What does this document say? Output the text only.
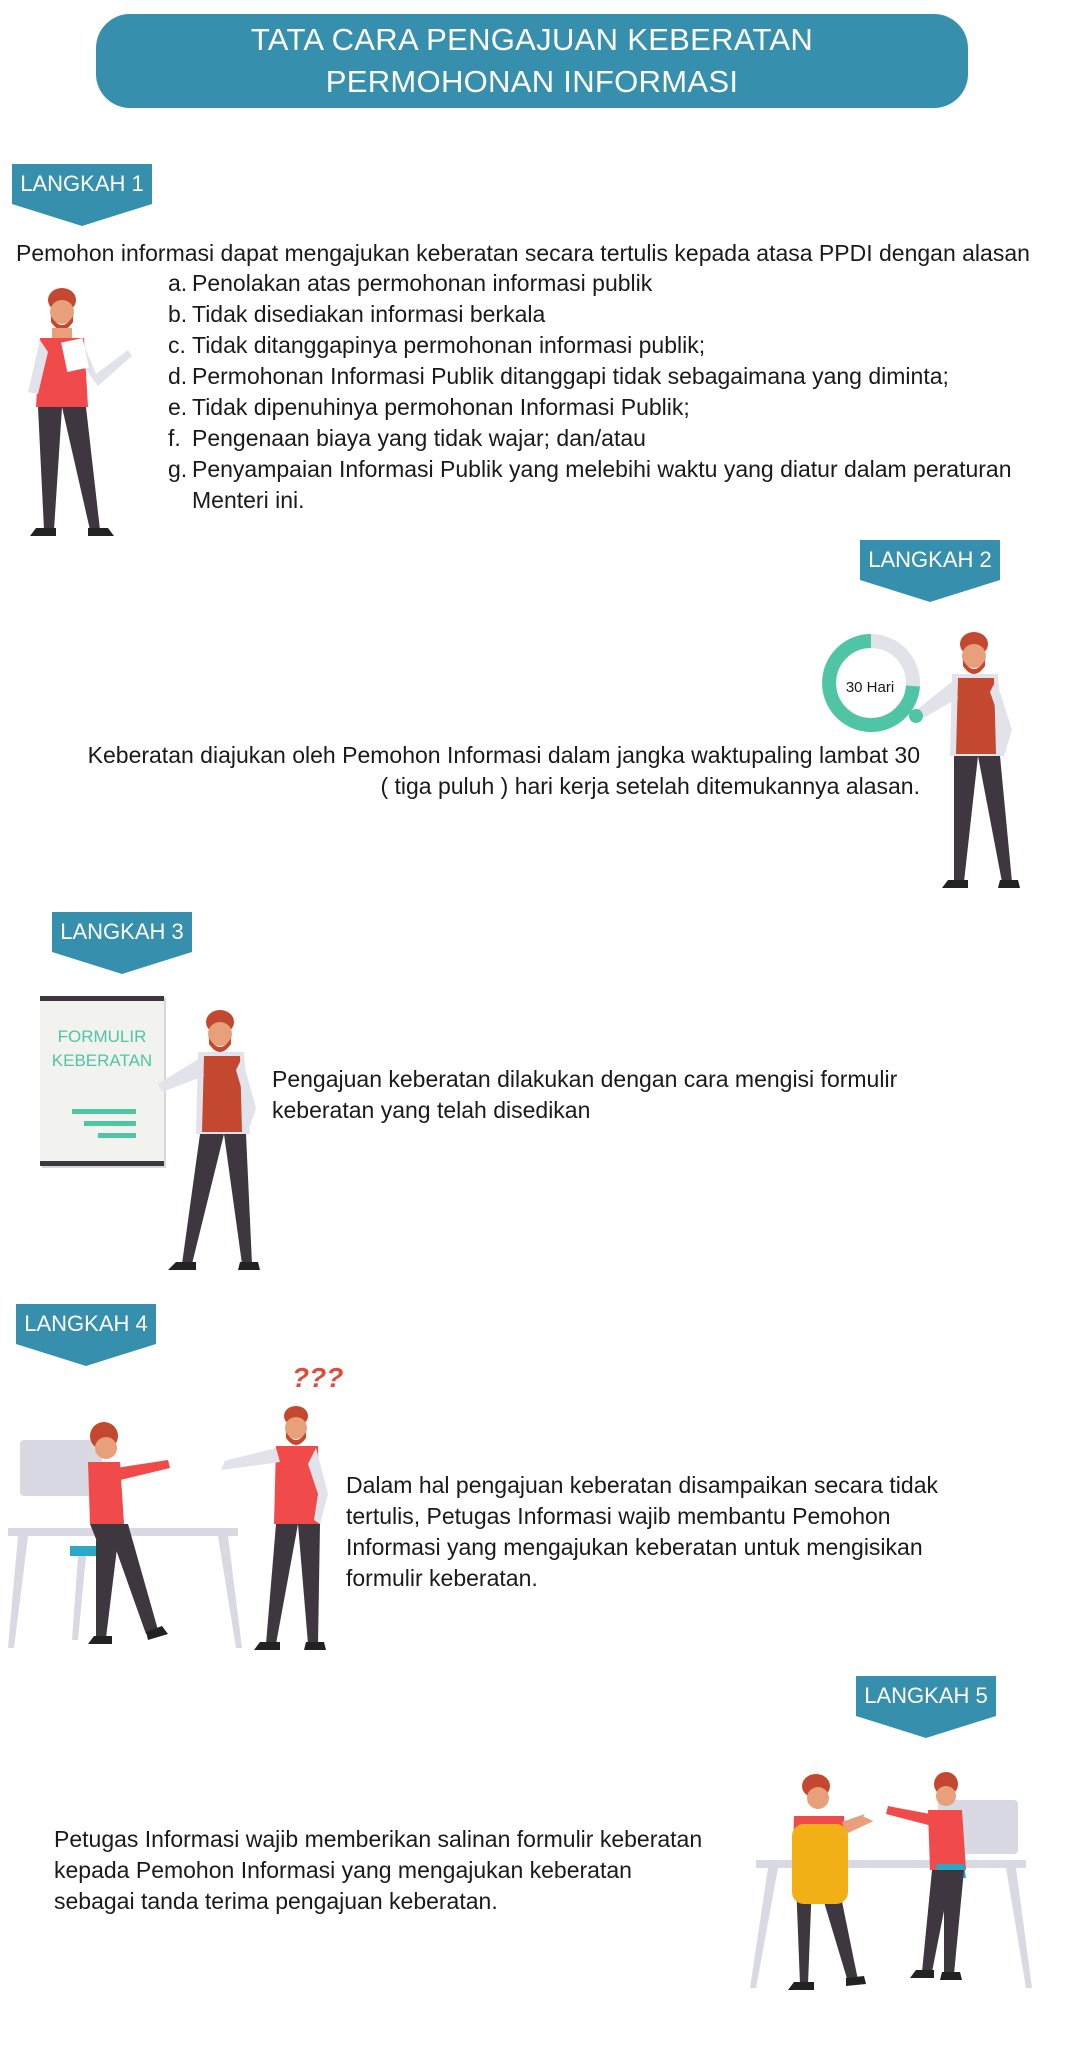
TATA CARA PENGAJUAN KEBERATAN
PERMOHONAN INFORMASI
LANGKAH 1
Pemohon informasi dapat mengajukan keberatan secara tertulis kepada atasa PPDI dengan alasan
a. Penolakan atas permohonan informasi publik
b. Tidak disediakan informasi berkala
c. Tidak ditanggapinya permohonan informasi publik;
d. Permohonan Informasi Publik ditanggapi tidak sebagaimana yang diminta;
e. Tidak dipenuhinya permohonan Informasi Publik;
f. Pengenaan biaya yang tidak wajar; dan/atau
g. Penyampaian Informasi Publik yang melebihi waktu yang diatur dalam peraturan Menteri ini.
LANGKAH 2
30 Hari
Keberatan diajukan oleh Pemohon Informasi dalam jangka waktupaling lambat 30
( tiga puluh ) hari kerja setelah ditemukannya alasan.
LANGKAH 3
FORMULIR
KEBERATAN
Pengajuan keberatan dilakukan dengan cara mengisi formulir
keberatan yang telah disedikan
LANGKAH 4
???
Dalam hal pengajuan keberatan disampaikan secara tidak
tertulis, Petugas Informasi wajib membantu Pemohon
Informasi yang mengajukan keberatan untuk mengisikan
formulir keberatan.
LANGKAH 5
Petugas Informasi wajib memberikan salinan formulir keberatan
kepada Pemohon Informasi yang mengajukan keberatan
sebagai tanda terima pengajuan keberatan.
